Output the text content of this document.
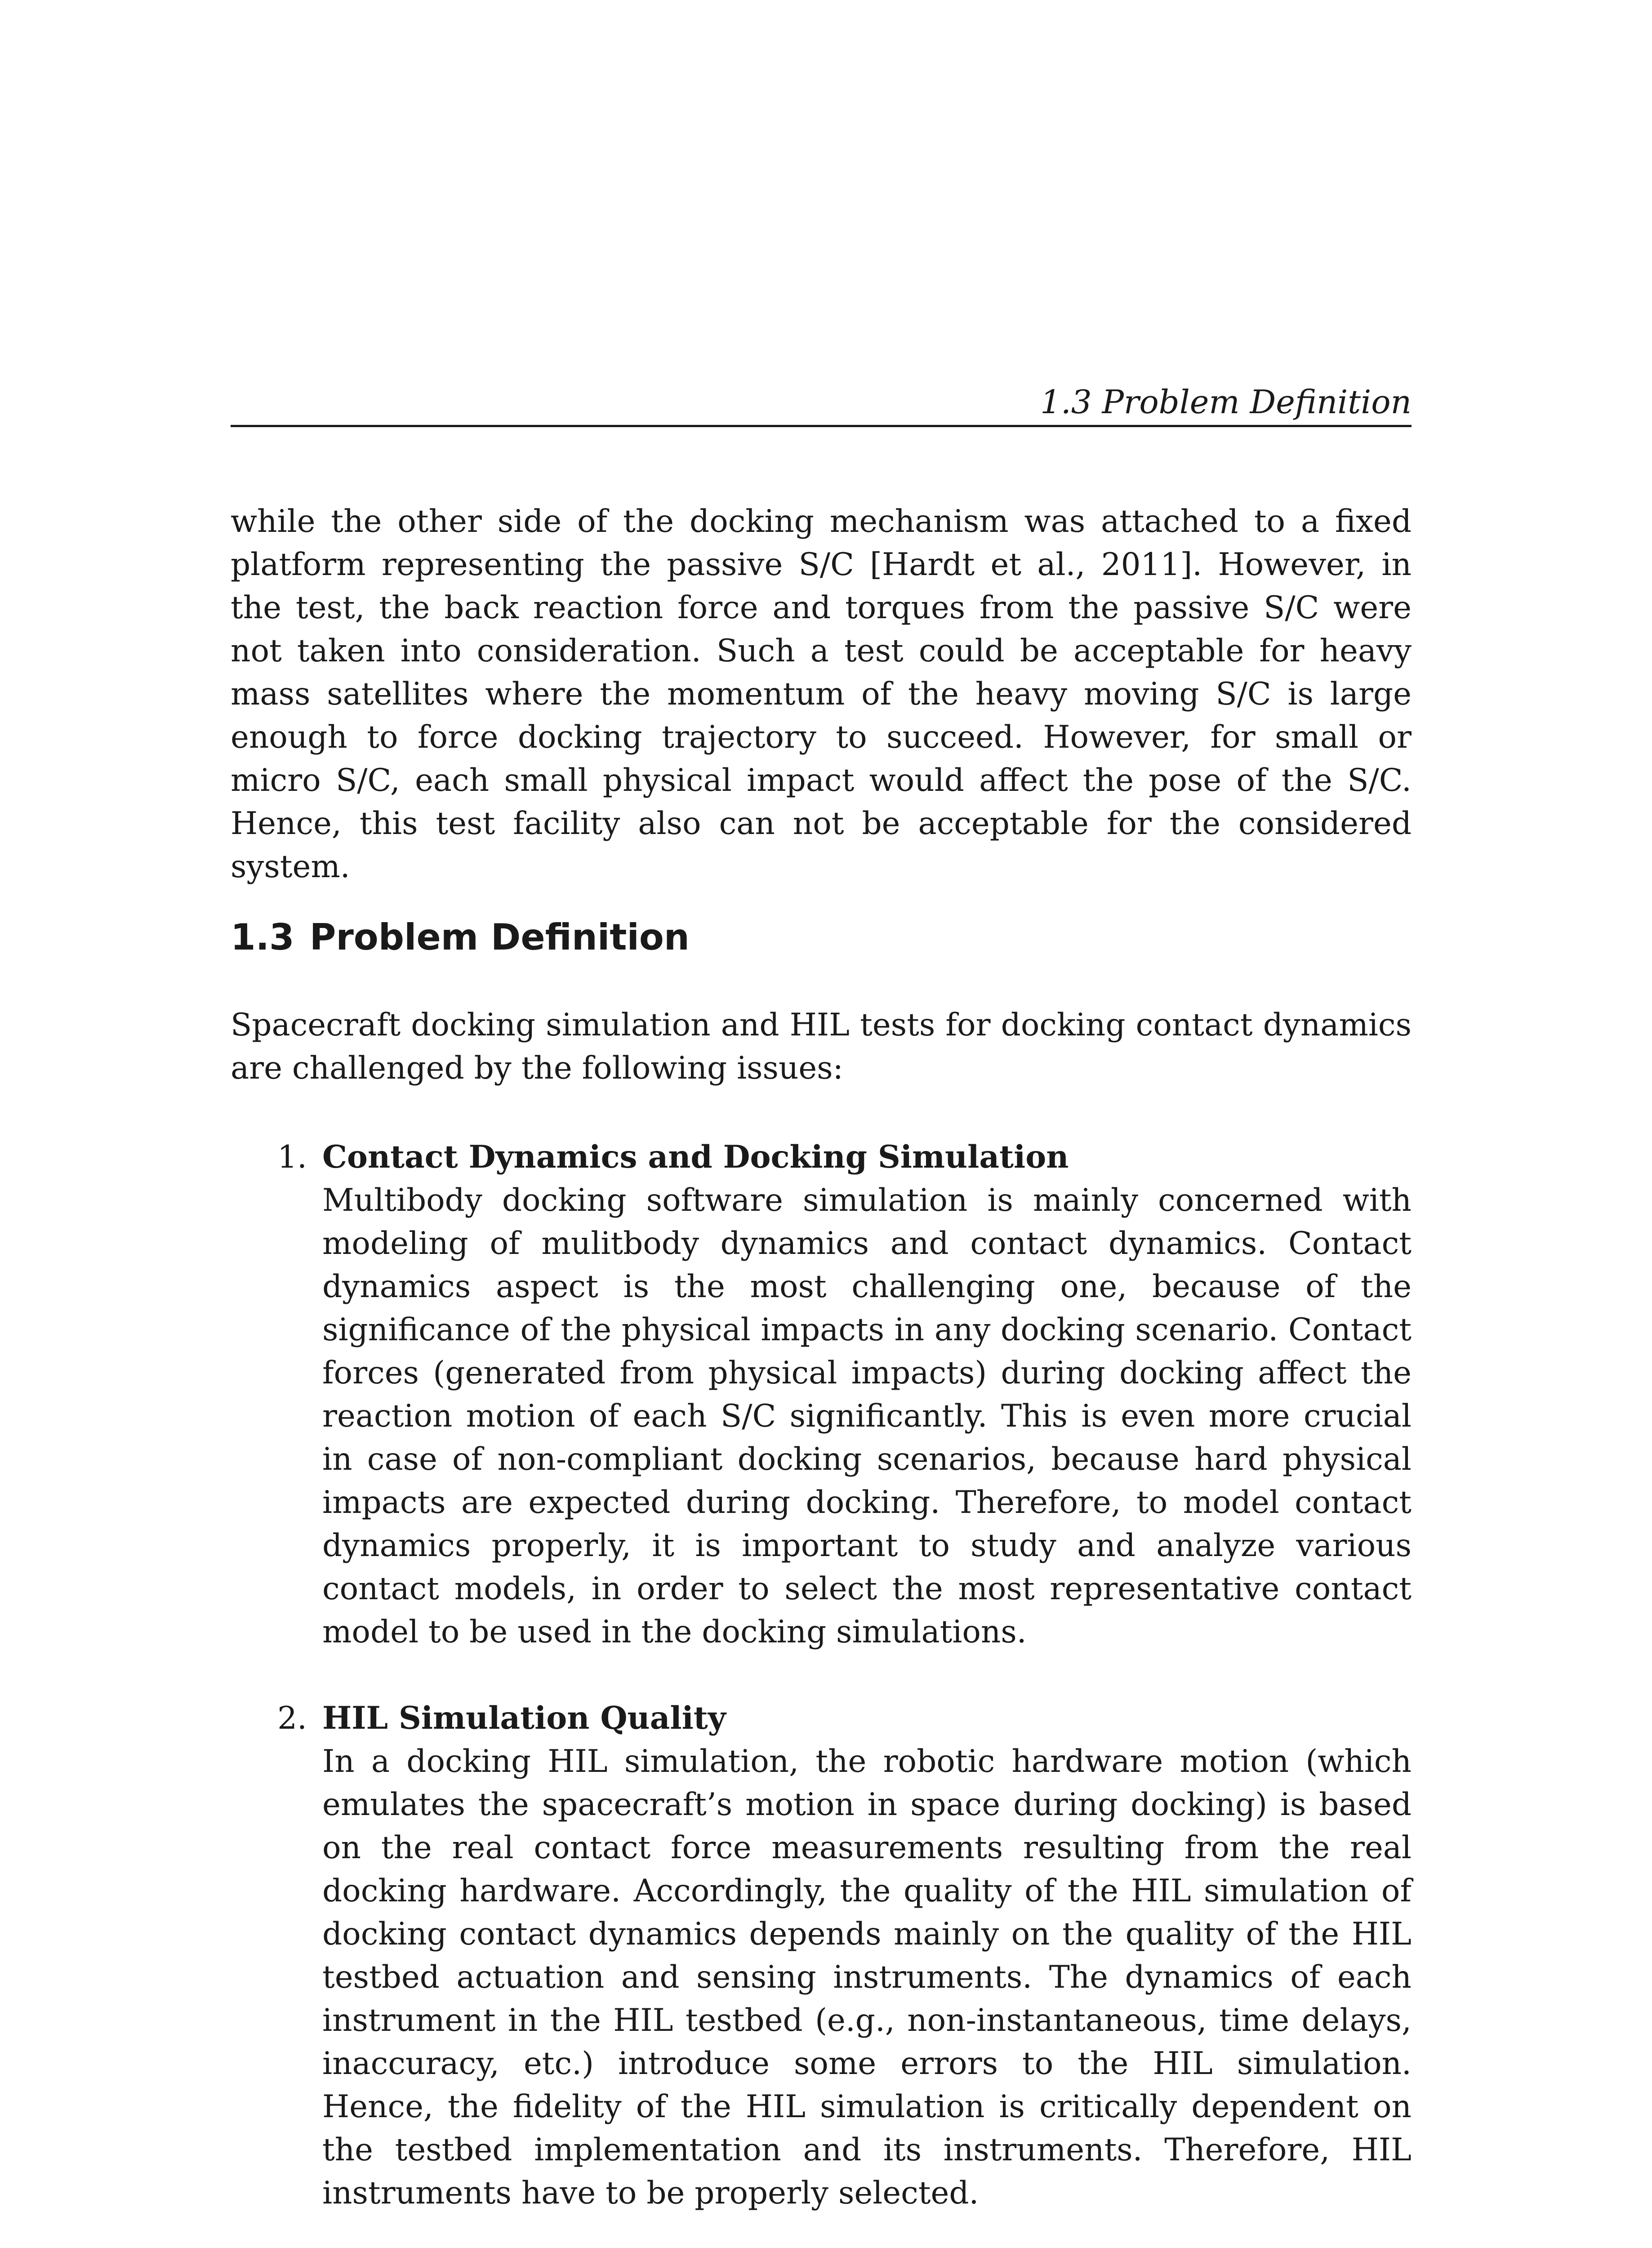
1.3 Problem Definition

while the other side of the docking mechanism was attached to a fixed platform representing the passive S/C [Hardt et al., 2011]. However, in the test, the back reaction force and torques from the passive S/C were not taken into consideration. Such a test could be acceptable for heavy mass satellites where the momentum of the heavy moving S/C is large enough to force docking trajectory to succeed. However, for small or micro S/C, each small physical impact would affect the pose of the S/C. Hence, this test facility also can not be acceptable for the considered system.

1.3 Problem Definition

Spacecraft docking simulation and HIL tests for docking contact dynamics are challenged by the following issues:

1. Contact Dynamics and Docking Simulation

Multibody docking software simulation is mainly concerned with modeling of mulitbody dynamics and contact dynamics. Contact dynamics aspect is the most challenging one, because of the significance of the physical impacts in any docking scenario. Contact forces (generated from physical impacts) during docking affect the reaction motion of each S/C significantly. This is even more crucial in case of non-compliant docking scenarios, because hard physical impacts are expected during docking. Therefore, to model contact dynamics properly, it is important to study and analyze various contact models, in order to select the most representative contact model to be used in the docking simulations.

2. HIL Simulation Quality

In a docking HIL simulation, the robotic hardware motion (which emulates the spacecraft’s motion in space during docking) is based on the real contact force measurements resulting from the real docking hardware. Accordingly, the quality of the HIL simulation of docking contact dynamics depends mainly on the quality of the HIL testbed actuation and sensing instruments. The dynamics of each instrument in the HIL testbed (e.g., non-instantaneous, time delays, inaccuracy, etc.) introduce some errors to the HIL simulation. Hence, the fidelity of the HIL simulation is critically dependent on the testbed implementation and its instruments. Therefore, HIL instruments have to be properly selected.
